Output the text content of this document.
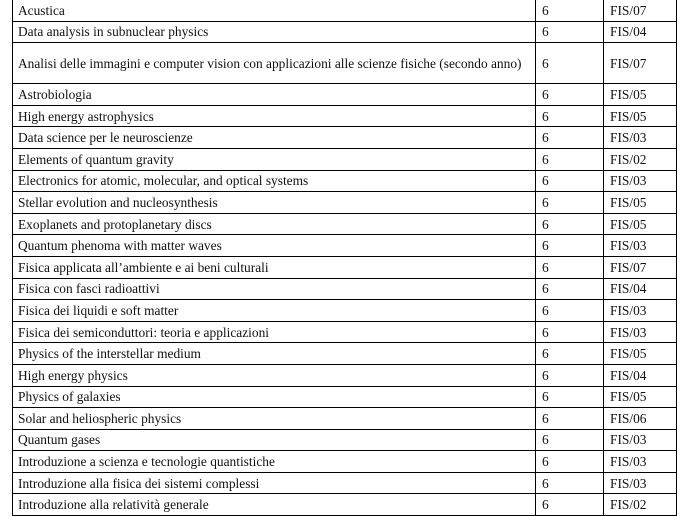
Acustica	6	FIS/07
Data analysis in subnuclear physics	6	FIS/04
Analisi delle immagini e computer vision con applicazioni alle scienze fisiche (secondo anno)	6	FIS/07
Astrobiologia	6	FIS/05
High energy astrophysics	6	FIS/05
Data science per le neuroscienze	6	FIS/03
Elements of quantum gravity	6	FIS/02
Electronics for atomic, molecular, and optical systems	6	FIS/03
Stellar evolution and nucleosynthesis	6	FIS/05
Exoplanets and protoplanetary discs	6	FIS/05
Quantum phenoma with matter waves	6	FIS/03
Fisica applicata all’ambiente e ai beni culturali	6	FIS/07
Fisica con fasci radioattivi	6	FIS/04
Fisica dei liquidi e soft matter	6	FIS/03
Fisica dei semiconduttori: teoria e applicazioni	6	FIS/03
Physics of the interstellar medium	6	FIS/05
High energy physics	6	FIS/04
Physics of galaxies	6	FIS/05
Solar and heliospheric physics	6	FIS/06
Quantum gases	6	FIS/03
Introduzione a scienza e tecnologie quantistiche	6	FIS/03
Introduzione alla fisica dei sistemi complessi	6	FIS/03
Introduzione alla relatività generale	6	FIS/02
